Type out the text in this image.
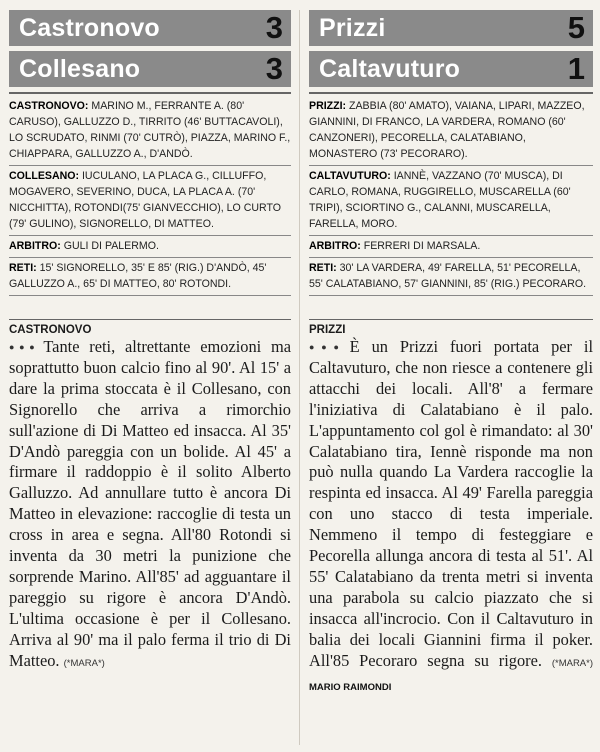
Castronovo	3
Collesano	3
CASTRONOVO: MARINO M., FERRANTE A. (80' CARUSO), GALLUZZO D., TIRRITO (46' BUTTACAVOLI), LO SCRUDATO, RINMI (70' CUTRÒ), PIAZZA, MARINO F., CHIAPPARA, GALLUZZO A., D'ANDÒ.
COLLESANO: IUCULANO, LA PLACA G., CILLUFFO, MOGAVERO, SEVERINO, DUCA, LA PLACA A. (70' NICCHITTA), ROTONDI(75' GIANVECCHIO), LO CURTO (79' GULINO), SIGNORELLO, DI MATTEO.
ARBITRO: GULI DI PALERMO.
RETI: 15' SIGNORELLO, 35' E 85' (RIG.) D'ANDÒ, 45' GALLUZZO A., 65' DI MATTEO, 80' ROTONDI.
CASTRONOVO
●●● Tante reti, altrettante emozioni ma soprattutto buon calcio fino al 90'. Al 15' a dare la prima stoccata è il Collesano, con Signorello che arriva a rimorchio sull'azione di Di Matteo ed insacca. Al 35' D'Andò pareggia con un bolide. Al 45' a firmare il raddoppio è il solito Alberto Galluzzo. Ad annullare tutto è ancora Di Matteo in elevazione: raccoglie di testa un cross in area e segna. All'80 Rotondi si inventa da 30 metri la punizione che sorprende Marino. All'85' ad agguantare il pareggio su rigore è ancora D'Andò. L'ultima occasione è per il Collesano. Arriva al 90' ma il palo ferma il trio di Di Matteo. (*MARA*)
Prizzi	5
Caltavuturo	1
PRIZZI: ZABBIA (80' AMATO), VAIANA, LIPARI, MAZZEO, GIANNINI, DI FRANCO, LA VARDERA, ROMANO (60' CANZONERI), PECORELLA, CALATABIANO, MONASTERO (73' PECORARO).
CALTAVUTURO: IANNÈ, VAZZANO (70' MUSCA), DI CARLO, ROMANA, RUGGIRELLO, MUSCARELLA (60' TRIPI), SCIORTINO G., CALANNI, MUSCARELLA, FARELLA, MORO.
ARBITRO: FERRERI DI MARSALA.
RETI: 30' LA VARDERA, 49' FARELLA, 51' PECORELLA, 55' CALATABIANO, 57' GIANNINI, 85' (RIG.) PECORARO.
PRIZZI
●●● È un Prizzi fuori portata per il Caltavuturo, che non riesce a contenere gli attacchi dei locali. All'8' a fermare l'iniziativa di Calatabiano è il palo. L'appuntamento col gol è rimandato: al 30' Calatabiano tira, Iennè risponde ma non può nulla quando La Vardera raccoglie la respinta ed insacca. Al 49' Farella pareggia con uno stacco di testa imperiale. Nemmeno il tempo di festeggiare e Pecorella allunga ancora di testa al 51'. Al 55' Calatabiano da trenta metri si inventa una parabola su calcio piazzato che si insacca all'incrocio. Con il Caltavuturo in balia dei locali Giannini firma il poker. All'85 Pecoraro segna su rigore. (*MARA*) MARIO RAIMONDI
